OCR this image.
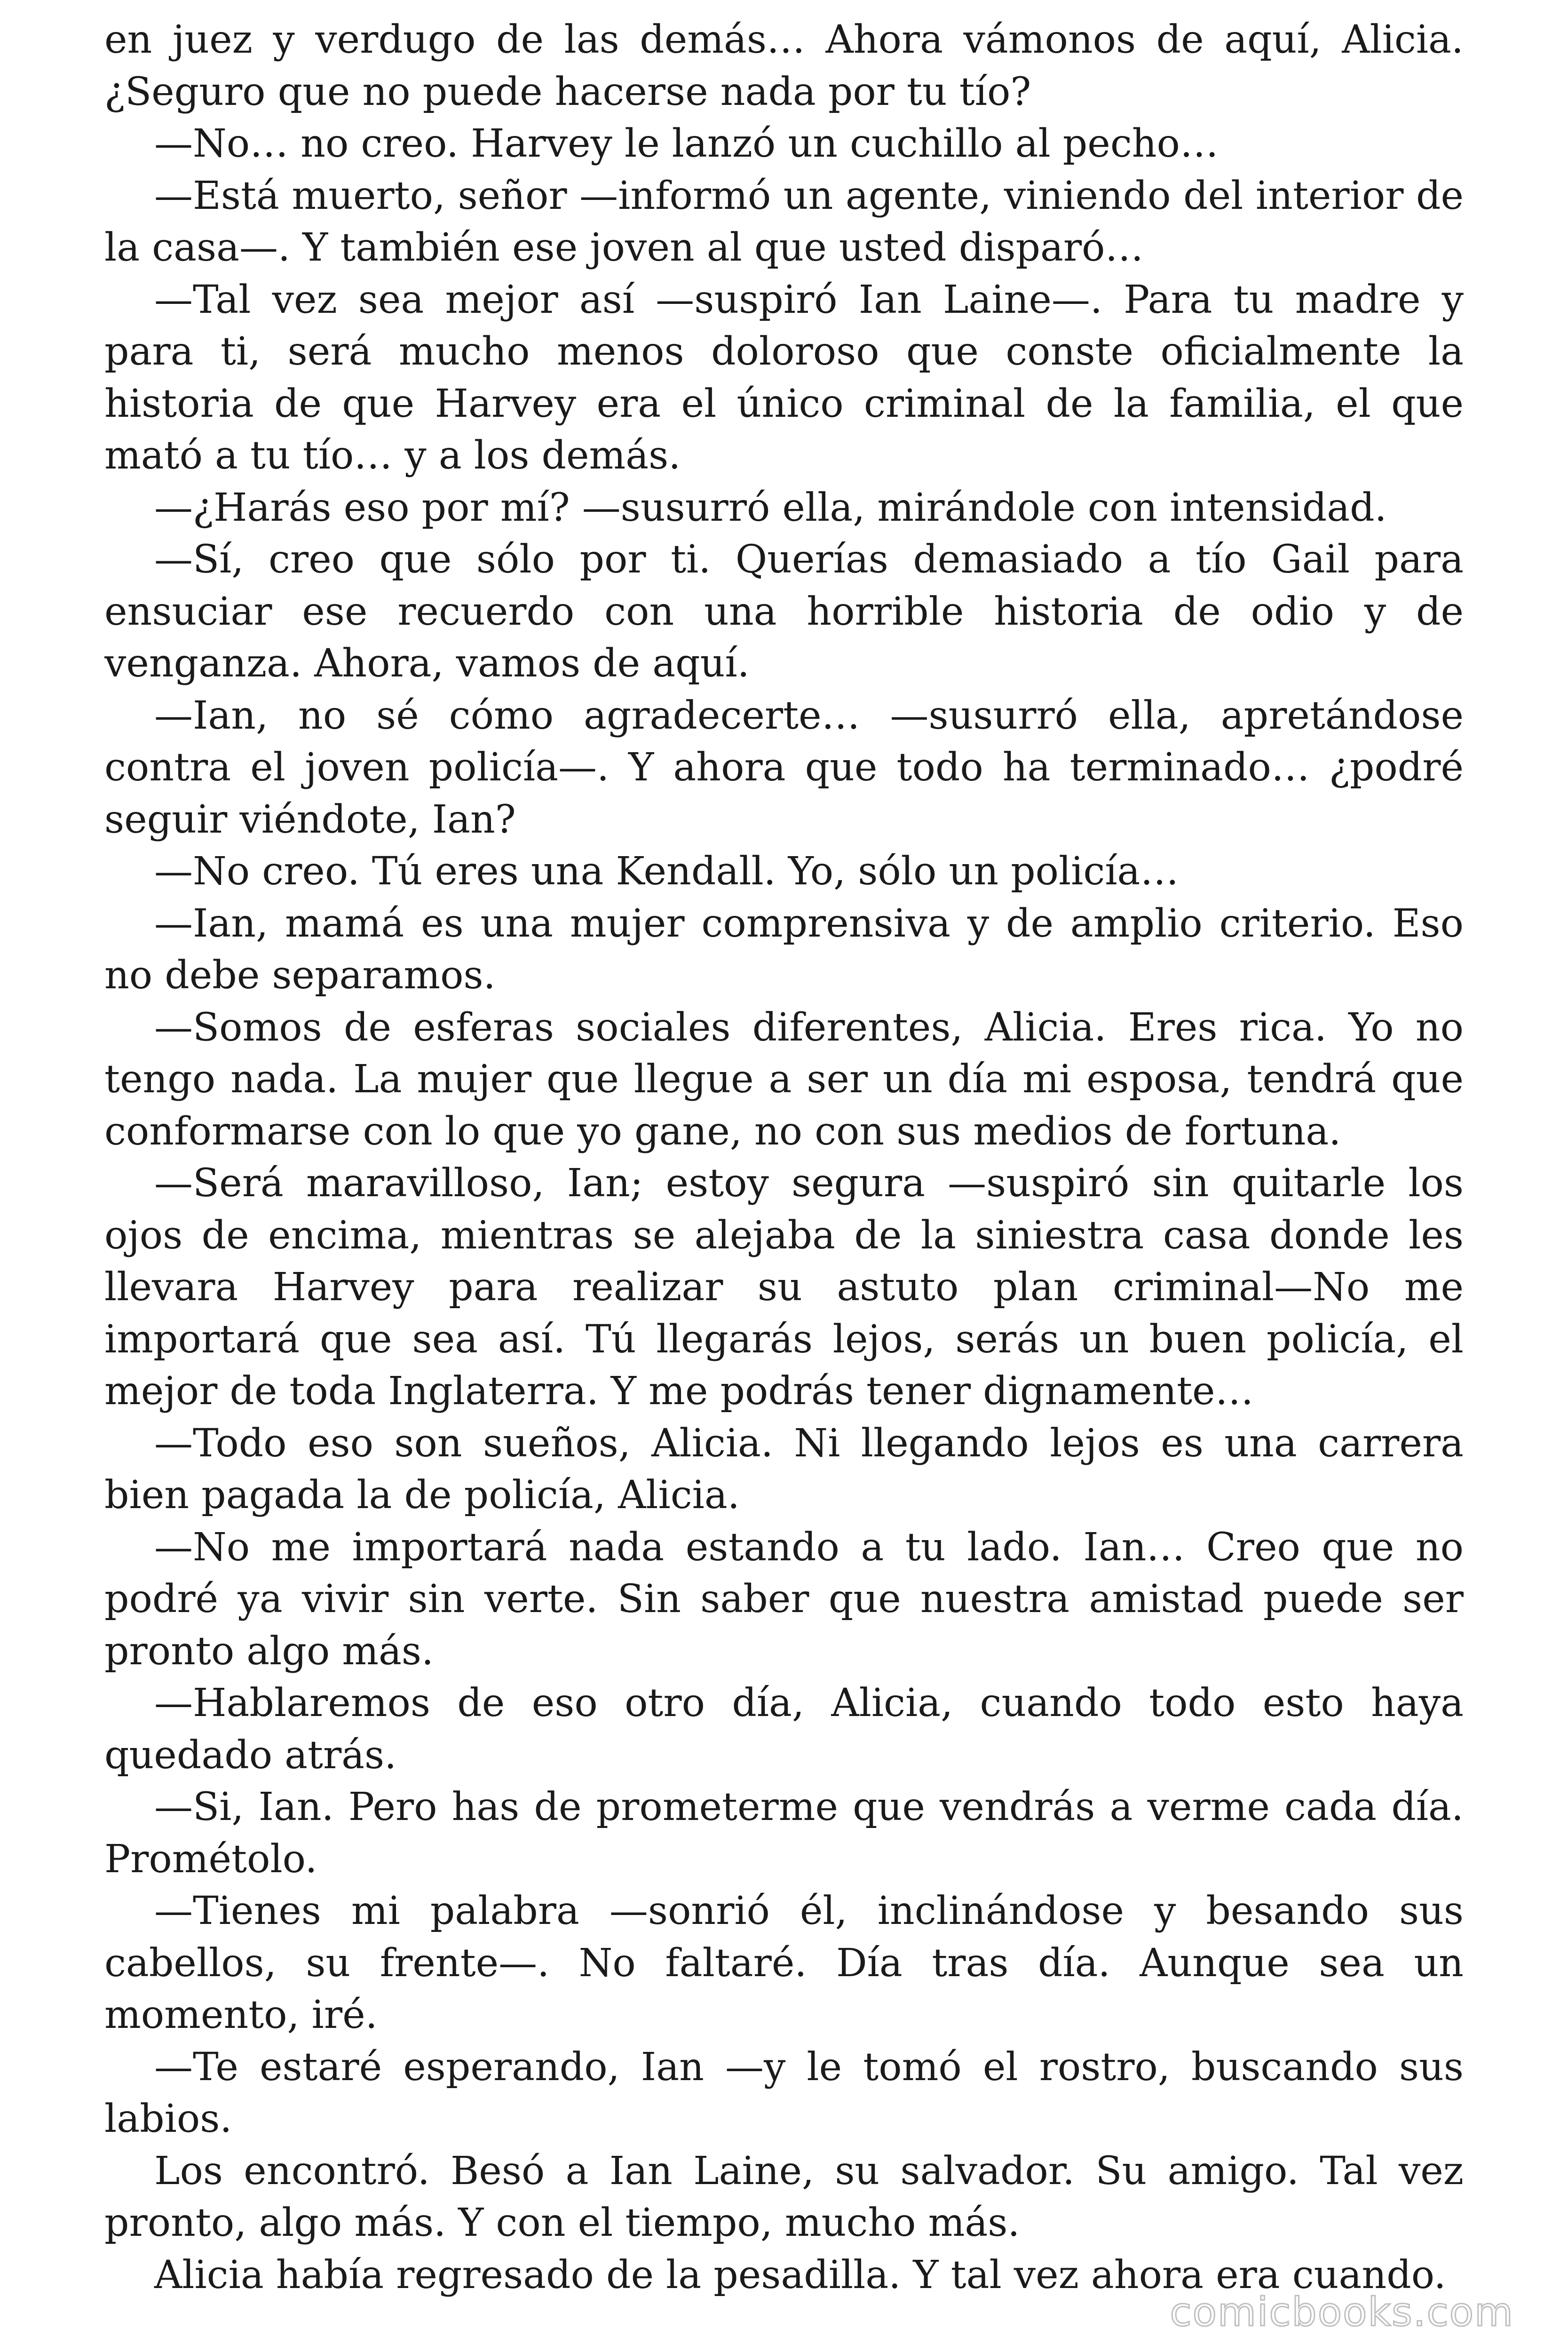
en juez y verdugo de las demás… Ahora vámonos de aquí, Alicia. ¿Seguro que no puede hacerse nada por tu tío?

—No… no creo. Harvey le lanzó un cuchillo al pecho…

—Está muerto, señor —informó un agente, viniendo del interior de la casa—. Y también ese joven al que usted disparó…

—Tal vez sea mejor así —suspiró Ian Laine—. Para tu madre y para ti, será mucho menos doloroso que conste oficialmente la historia de que Harvey era el único criminal de la familia, el que mató a tu tío… y a los demás.

—¿Harás eso por mí? —susurró ella, mirándole con intensidad.

—Sí, creo que sólo por ti. Querías demasiado a tío Gail para ensuciar ese recuerdo con una horrible historia de odio y de venganza. Ahora, vamos de aquí.

—Ian, no sé cómo agradecerte… —susurró ella, apretándose contra el joven policía—. Y ahora que todo ha terminado… ¿podré seguir viéndote, Ian?

—No creo. Tú eres una Kendall. Yo, sólo un policía…

—Ian, mamá es una mujer comprensiva y de amplio criterio. Eso no debe separamos.

—Somos de esferas sociales diferentes, Alicia. Eres rica. Yo no tengo nada. La mujer que llegue a ser un día mi esposa, tendrá que conformarse con lo que yo gane, no con sus medios de fortuna.

—Será maravilloso, Ian; estoy segura —suspiró sin quitarle los ojos de encima, mientras se alejaba de la siniestra casa donde les llevara Harvey para realizar su astuto plan criminal—No me importará que sea así. Tú llegarás lejos, serás un buen policía, el mejor de toda Inglaterra. Y me podrás tener dignamente…

—Todo eso son sueños, Alicia. Ni llegando lejos es una carrera bien pagada la de policía, Alicia.

—No me importará nada estando a tu lado. Ian… Creo que no podré ya vivir sin verte. Sin saber que nuestra amistad puede ser pronto algo más.

—Hablaremos de eso otro día, Alicia, cuando todo esto haya quedado atrás.

—Si, Ian. Pero has de prometerme que vendrás a verme cada día. Prométolo.

—Tienes mi palabra —sonrió él, inclinándose y besando sus cabellos, su frente—. No faltaré. Día tras día. Aunque sea un momento, iré.

—Te estaré esperando, Ian —y le tomó el rostro, buscando sus labios.

Los encontró. Besó a Ian Laine, su salvador. Su amigo. Tal vez pronto, algo más. Y con el tiempo, mucho más.

Alicia había regresado de la pesadilla. Y tal vez ahora era cuando.

comicbooks.com
